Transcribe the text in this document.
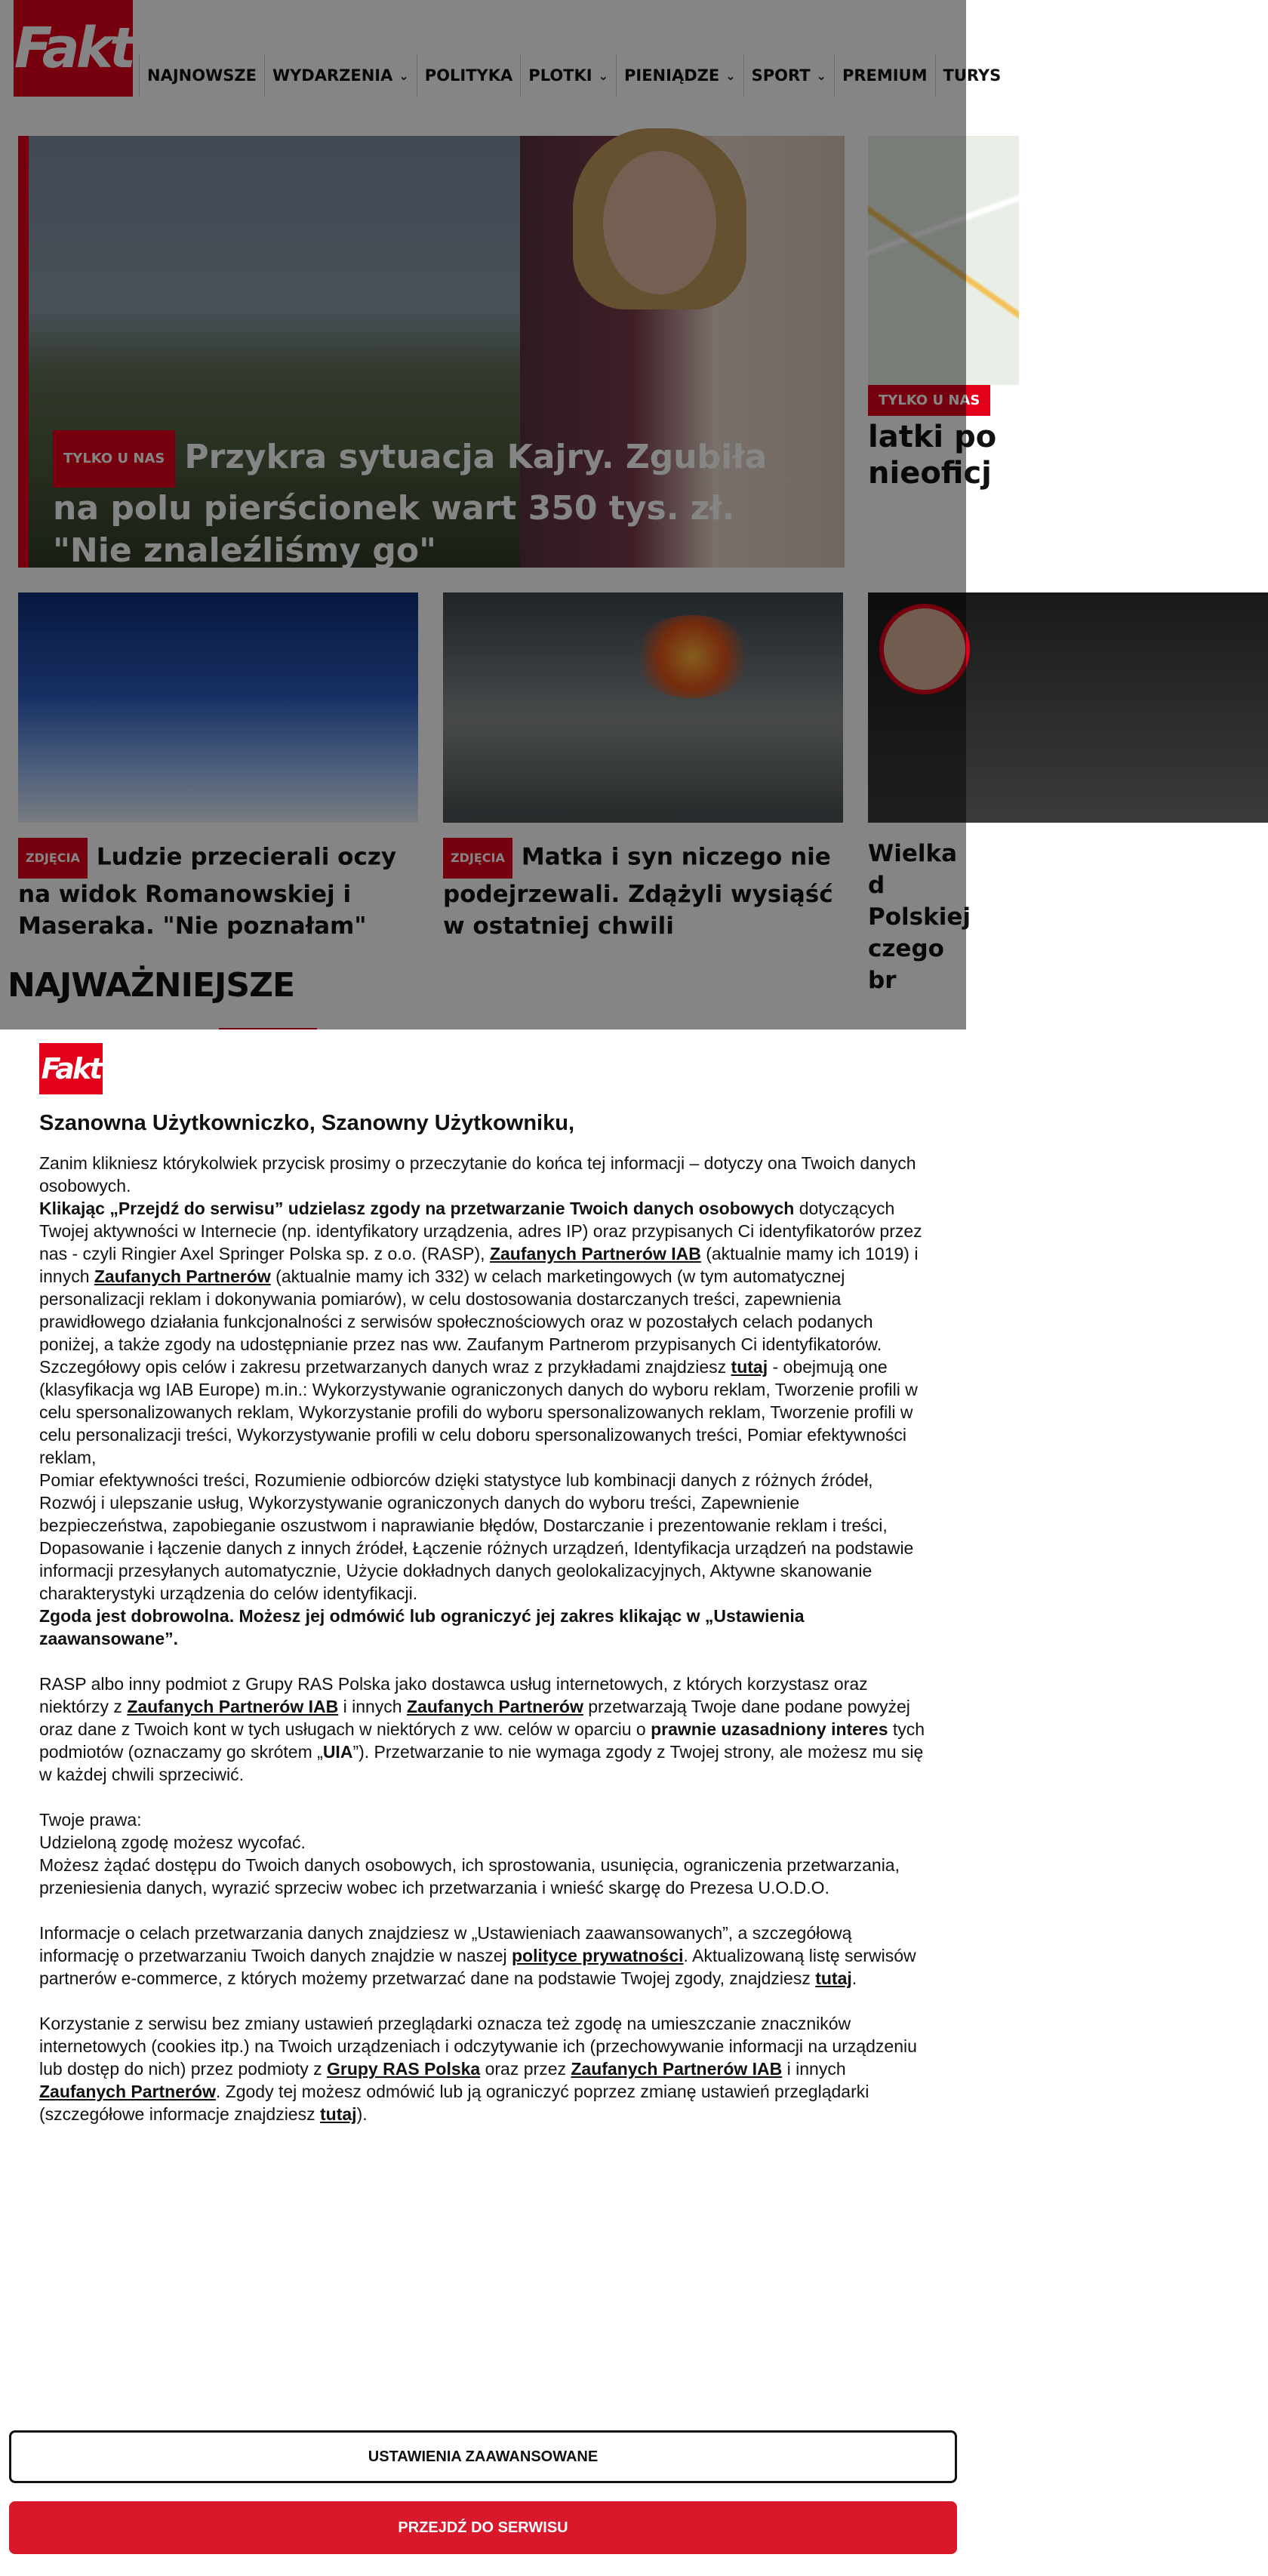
Fakt NAJNOWSZE WYDARZENIA ⌄ POLITYKA PLOTKI ⌄ PIENIĄDZE ⌄ SPORT ⌄ PREMIUM TURYS
TYLKO U NAS Przykra sytuacja Kajry. Zgubiła na polu pierścionek wart 350 tys. zł. "Nie znaleźliśmy go"
TYLKO U NAS
latki po
nieoficj
ZDJĘCIA Ludzie przecierali oczy na widok Romanowskiej i Maseraka. "Nie poznałam"
ZDJĘCIA Matka i syn niczego nie podejrzewali. Zdążyli wysiąść w ostatniej chwili
Wielka d Polskiej czego br
NAJWAŻNIEJSZE
Fakt
Szanowna Użytkowniczko, Szanowny Użytkowniku,

Zanim klikniesz którykolwiek przycisk prosimy o przeczytanie do końca tej informacji – dotyczy ona Twoich danych osobowych.

Klikając „Przejdź do serwisu” udzielasz zgody na przetwarzanie Twoich danych osobowych dotyczących Twojej aktywności w Internecie (np. identyfikatory urządzenia, adres IP) oraz przypisanych Ci identyfikatorów przez nas - czyli Ringier Axel Springer Polska sp. z o.o. (RASP), Zaufanych Partnerów IAB (aktualnie mamy ich 1019) i innych Zaufanych Partnerów (aktualnie mamy ich 332) w celach marketingowych (w tym automatycznej personalizacji reklam i dokonywania pomiarów), w celu dostosowania dostarczanych treści, zapewnienia prawidłowego działania funkcjonalności z serwisów społecznościowych oraz w pozostałych celach podanych poniżej, a także zgody na udostępnianie przez nas ww. Zaufanym Partnerom przypisanych Ci identyfikatorów. Szczegółowy opis celów i zakresu przetwarzanych danych wraz z przykładami znajdziesz tutaj - obejmują one (klasyfikacja wg IAB Europe) m.in.: Wykorzystywanie ograniczonych danych do wyboru reklam, Tworzenie profili w celu spersonalizowanych reklam, Wykorzystanie profili do wyboru spersonalizowanych reklam, Tworzenie profili w celu personalizacji treści, Wykorzystywanie profili w celu doboru spersonalizowanych treści, Pomiar efektywności reklam,

Pomiar efektywności treści, Rozumienie odbiorców dzięki statystyce lub kombinacji danych z różnych źródeł, Rozwój i ulepszanie usług, Wykorzystywanie ograniczonych danych do wyboru treści, Zapewnienie bezpieczeństwa, zapobieganie oszustwom i naprawianie błędów, Dostarczanie i prezentowanie reklam i treści, Dopasowanie i łączenie danych z innych źródeł, Łączenie różnych urządzeń, Identyfikacja urządzeń na podstawie informacji przesyłanych automatycznie, Użycie dokładnych danych geolokalizacyjnych, Aktywne skanowanie charakterystyki urządzenia do celów identyfikacji.

Zgoda jest dobrowolna. Możesz jej odmówić lub ograniczyć jej zakres klikając w „Ustawienia zaawansowane”.

RASP albo inny podmiot z Grupy RAS Polska jako dostawca usług internetowych, z których korzystasz oraz niektórzy z Zaufanych Partnerów IAB i innych Zaufanych Partnerów przetwarzają Twoje dane podane powyżej oraz dane z Twoich kont w tych usługach w niektórych z ww. celów w oparciu o prawnie uzasadniony interes tych podmiotów (oznaczamy go skrótem „UIA”). Przetwarzanie to nie wymaga zgody z Twojej strony, ale możesz mu się w każdej chwili sprzeciwić.

Twoje prawa:

Udzieloną zgodę możesz wycofać.

Możesz żądać dostępu do Twoich danych osobowych, ich sprostowania, usunięcia, ograniczenia przetwarzania, przeniesienia danych, wyrazić sprzeciw wobec ich przetwarzania i wnieść skargę do Prezesa U.O.D.O.

Informacje o celach przetwarzania danych znajdziesz w „Ustawieniach zaawansowanych”, a szczegółową informację o przetwarzaniu Twoich danych znajdzie w naszej polityce prywatności. Aktualizowaną listę serwisów partnerów e-commerce, z których możemy przetwarzać dane na podstawie Twojej zgody, znajdziesz tutaj.

Korzystanie z serwisu bez zmiany ustawień przeglądarki oznacza też zgodę na umieszczanie znaczników internetowych (cookies itp.) na Twoich urządzeniach i odczytywanie ich (przechowywanie informacji na urządzeniu lub dostęp do nich) przez podmioty z Grupy RAS Polska oraz przez Zaufanych Partnerów IAB i innych Zaufanych Partnerów. Zgody tej możesz odmówić lub ją ograniczyć poprzez zmianę ustawień przeglądarki (szczegółowe informacje znajdziesz tutaj).

USTAWIENIA ZAAWANSOWANE
PRZEJDŹ DO SERWISU
